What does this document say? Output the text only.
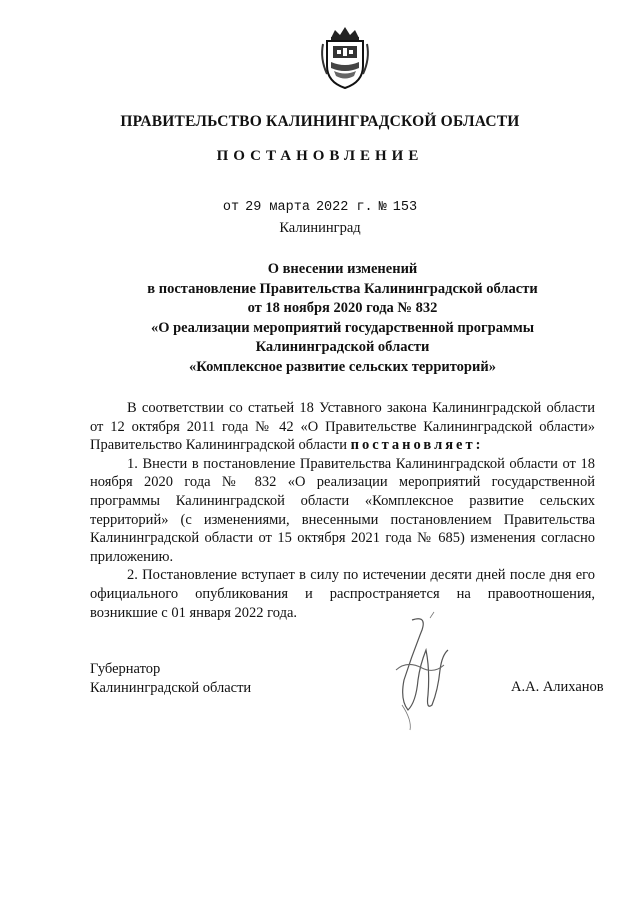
ПРАВИТЕЛЬСТВО КАЛИНИНГРАДСКОЙ ОБЛАСТИ
ПОСТАНОВЛЕНИЕ
от 29 марта 2022 г. № 153
Калининград
О внесении изменений
в постановление Правительства Калининградской области
от 18 ноября 2020 года № 832
«О реализации мероприятий государственной программы
Калининградской области
«Комплексное развитие сельских территорий»

В соответствии со статьей 18 Уставного закона Калининградской области от 12 октября 2011 года № 42 «О Правительстве Калининградской области» Правительство Калининградской области постановляет:

1. Внести в постановление Правительства Калининградской области от 18 ноября 2020 года № 832 «О реализации мероприятий государственной программы Калининградской области «Комплексное развитие сельских территорий» (с изменениями, внесенными постановлением Правительства Калининградской области от 15 октября 2021 года № 685) изменения согласно приложению.

2. Постановление вступает в силу по истечении десяти дней после дня его официального опубликования и распространяется на правоотношения, возникшие с 01 января 2022 года.

Губернатор
Калининградской области	А.А. Алиханов
